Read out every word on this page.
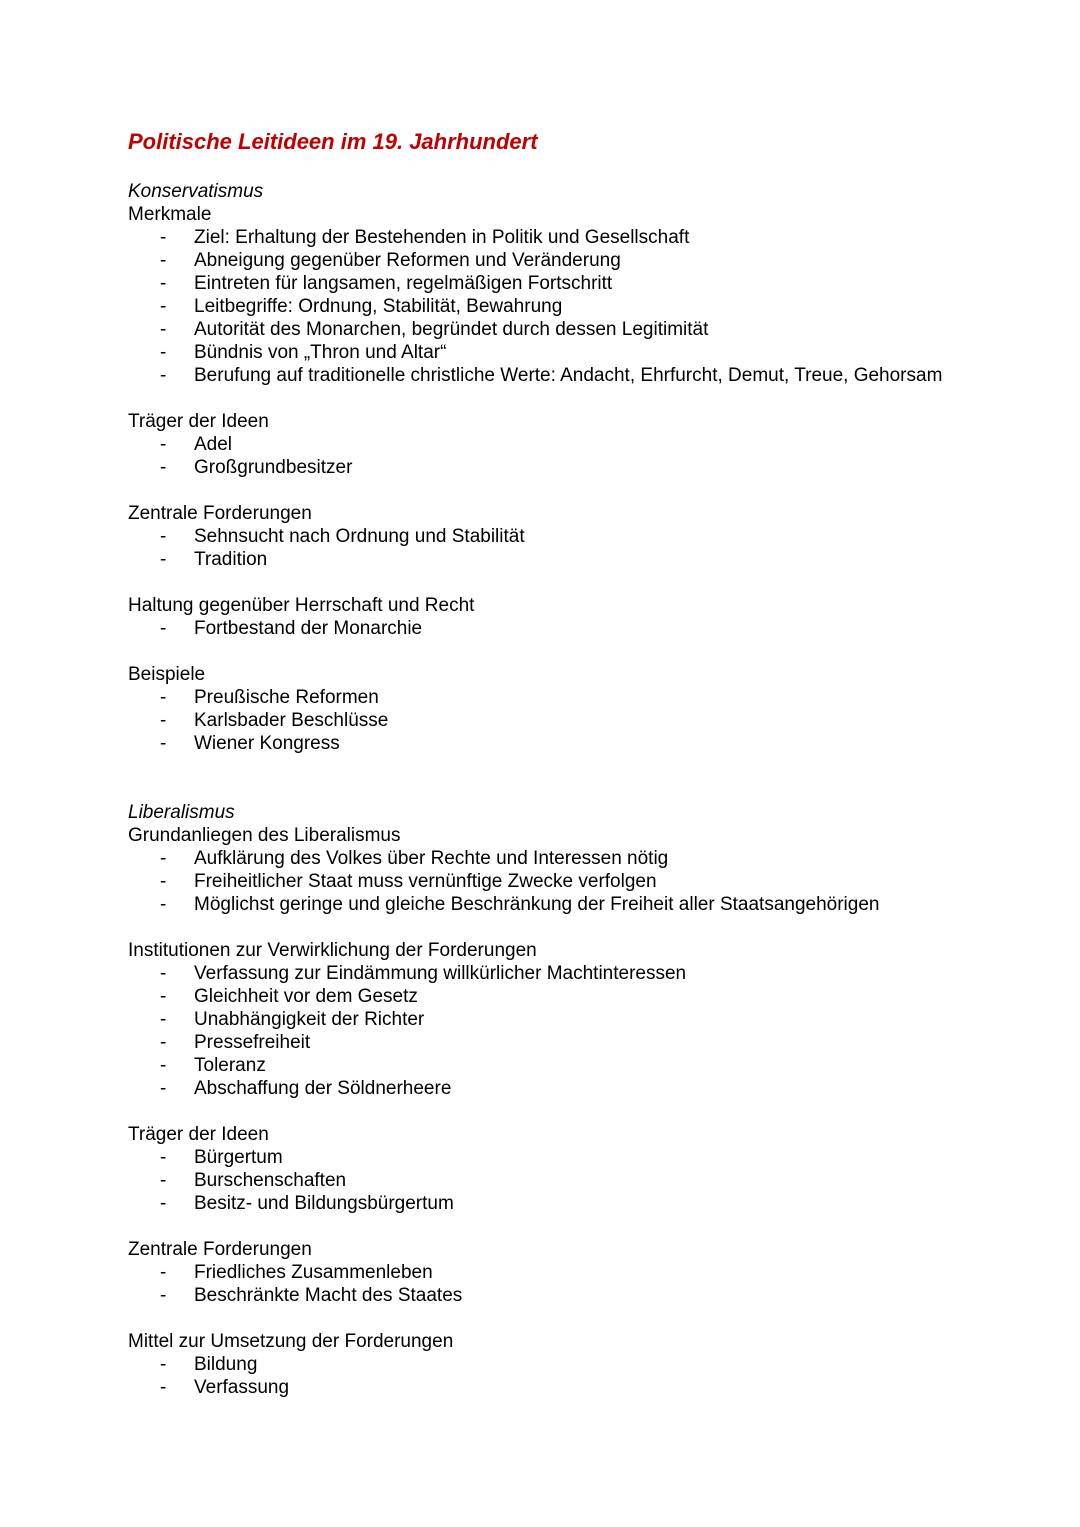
Politische Leitideen im 19. Jahrhundert

Konservatismus

Merkmale

- Ziel: Erhaltung der Bestehenden in Politik und Gesellschaft
- Abneigung gegenüber Reformen und Veränderung
- Eintreten für langsamen, regelmäßigen Fortschritt
- Leitbegriffe: Ordnung, Stabilität, Bewahrung
- Autorität des Monarchen, begründet durch dessen Legitimität
- Bündnis von „Thron und Altar“
- Berufung auf traditionelle christliche Werte: Andacht, Ehrfurcht, Demut, Treue, Gehorsam

Träger der Ideen

- Adel
- Großgrundbesitzer

Zentrale Forderungen

- Sehnsucht nach Ordnung und Stabilität
- Tradition

Haltung gegenüber Herrschaft und Recht

- Fortbestand der Monarchie

Beispiele

- Preußische Reformen
- Karlsbader Beschlüsse
- Wiener Kongress

Liberalismus

Grundanliegen des Liberalismus

- Aufklärung des Volkes über Rechte und Interessen nötig
- Freiheitlicher Staat muss vernünftige Zwecke verfolgen
- Möglichst geringe und gleiche Beschränkung der Freiheit aller Staatsangehörigen

Institutionen zur Verwirklichung der Forderungen

- Verfassung zur Eindämmung willkürlicher Machtinteressen
- Gleichheit vor dem Gesetz
- Unabhängigkeit der Richter
- Pressefreiheit
- Toleranz
- Abschaffung der Söldnerheere

Träger der Ideen

- Bürgertum
- Burschenschaften
- Besitz- und Bildungsbürgertum

Zentrale Forderungen

- Friedliches Zusammenleben
- Beschränkte Macht des Staates

Mittel zur Umsetzung der Forderungen

- Bildung
- Verfassung
